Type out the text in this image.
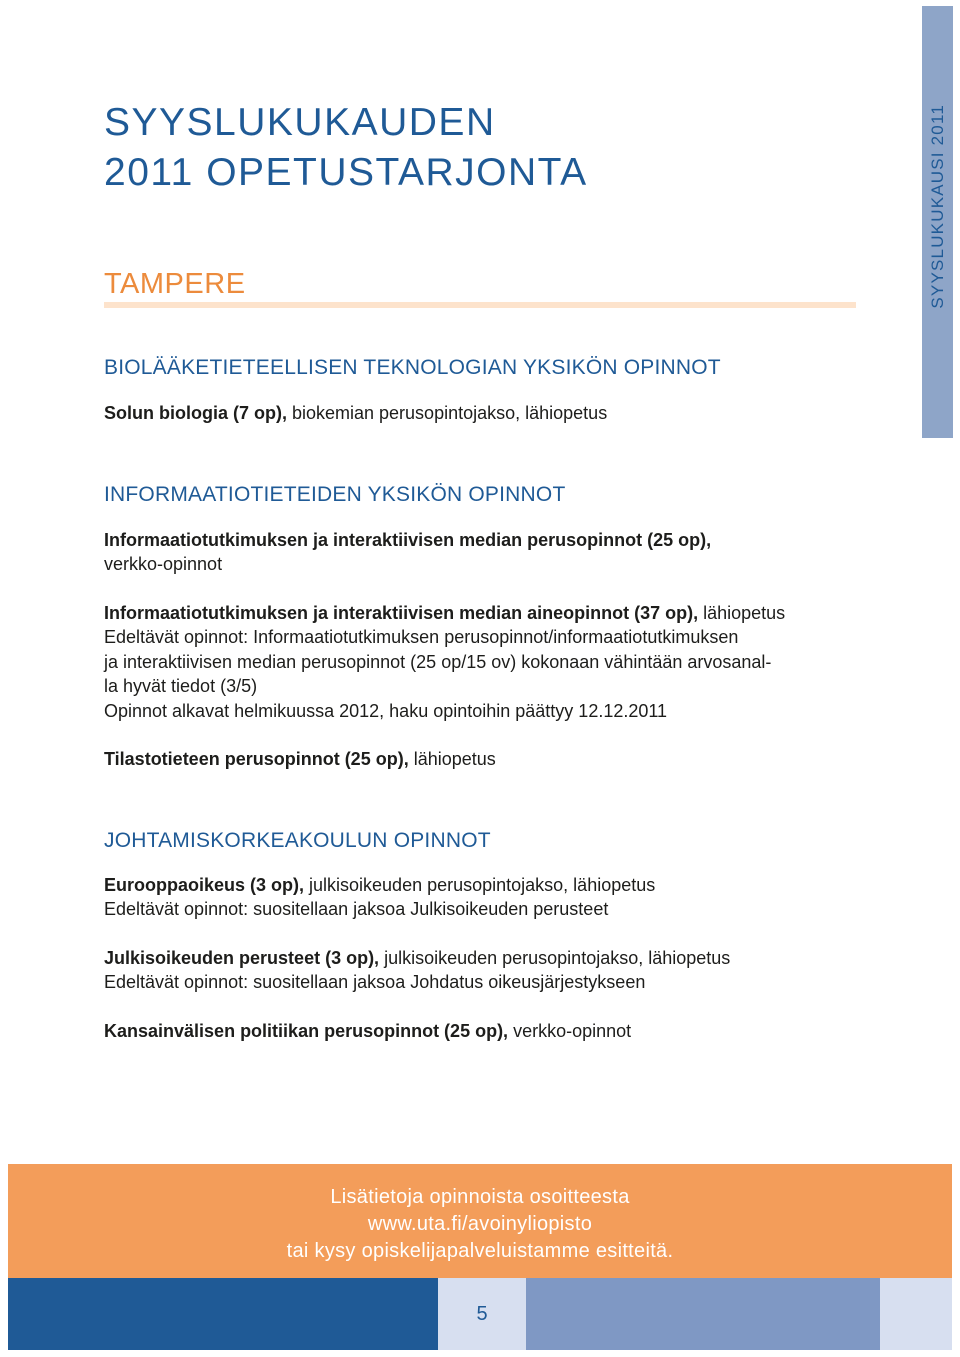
SYYSLUKUKAUSI 2011
SYYSLUKUKAUDEN
2011 OPETUSTARJONTA
TAMPERE
BIOLÄÄKETIETEELLISEN TEKNOLOGIAN YKSIKÖN OPINNOT

Solun biologia (7 op), biokemian perusopintojakso, lähiopetus

INFORMAATIOTIETEIDEN YKSIKÖN OPINNOT

Informaatiotutkimuksen ja interaktiivisen median perusopinnot (25 op),

verkko-opinnot

Informaatiotutkimuksen ja interaktiivisen median aineopinnot (37 op), lähiopetus

Edeltävät opinnot: Informaatiotutkimuksen perusopinnot/informaatiotutkimuksen

ja interaktiivisen median perusopinnot (25 op/15 ov) kokonaan vähintään arvosanal-

la hyvät tiedot (3/5)

Opinnot alkavat helmikuussa 2012, haku opintoihin päättyy 12.12.2011

Tilastotieteen perusopinnot (25 op), lähiopetus

JOHTAMISKORKEAKOULUN OPINNOT

Eurooppaoikeus (3 op), julkisoikeuden perusopintojakso, lähiopetus

Edeltävät opinnot: suositellaan jaksoa Julkisoikeuden perusteet

Julkisoikeuden perusteet (3 op), julkisoikeuden perusopintojakso, lähiopetus

Edeltävät opinnot: suositellaan jaksoa Johdatus oikeusjärjestykseen

Kansainvälisen politiikan perusopinnot (25 op), verkko-opinnot

Lisätietoja opinnoista osoitteesta
www.uta.fi/avoinyliopisto
tai kysy opiskelijapalveluistamme esitteitä.
5
